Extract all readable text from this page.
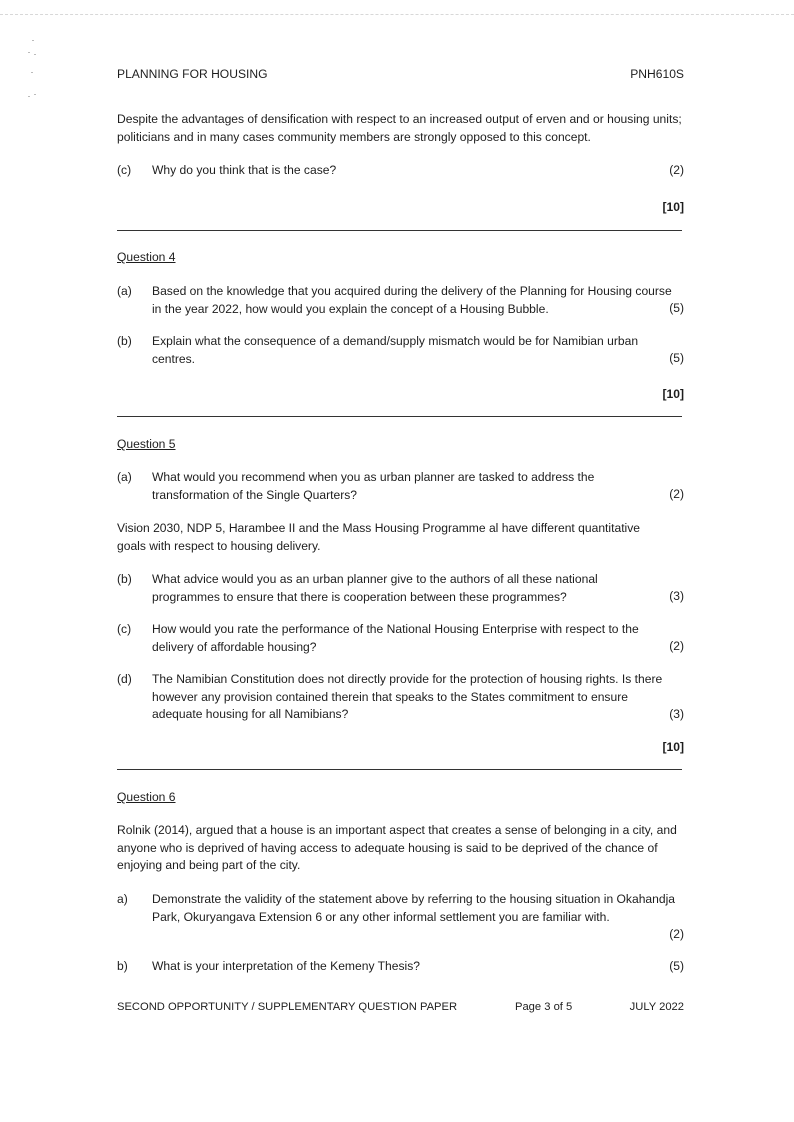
PLANNING FOR HOUSING	PNH610S
Despite the advantages of densification with respect to an increased output of erven and or housing units; politicians and in many cases community members are strongly opposed to this concept.
(c) Why do you think that is the case?	(2)
[10]
Question 4
(a) Based on the knowledge that you acquired during the delivery of the Planning for Housing course in the year 2022, how would you explain the concept of a Housing Bubble.	(5)
(b) Explain what the consequence of a demand/supply mismatch would be for Namibian urban centres.	(5)
[10]
Question 5
(a) What would you recommend when you as urban planner are tasked to address the transformation of the Single Quarters?	(2)
Vision 2030, NDP 5, Harambee II and the Mass Housing Programme al have different quantitative goals with respect to housing delivery.
(b) What advice would you as an urban planner give to the authors of all these national programmes to ensure that there is cooperation between these programmes?	(3)
(c) How would you rate the performance of the National Housing Enterprise with respect to the delivery of affordable housing?	(2)
(d) The Namibian Constitution does not directly provide for the protection of housing rights. Is there however any provision contained therein that speaks to the States commitment to ensure adequate housing for all Namibians?	(3)
[10]
Question 6
Rolnik (2014), argued that a house is an important aspect that creates a sense of belonging in a city, and anyone who is deprived of having access to adequate housing is said to be deprived of the chance of enjoying and being part of the city.
a) Demonstrate the validity of the statement above by referring to the housing situation in Okahandja Park, Okuryangava Extension 6 or any other informal settlement you are familiar with.
(2)
b) What is your interpretation of the Kemeny Thesis?	(5)
SECOND OPPORTUNITY / SUPPLEMENTARY QUESTION PAPER	Page 3 of 5	JULY 2022
